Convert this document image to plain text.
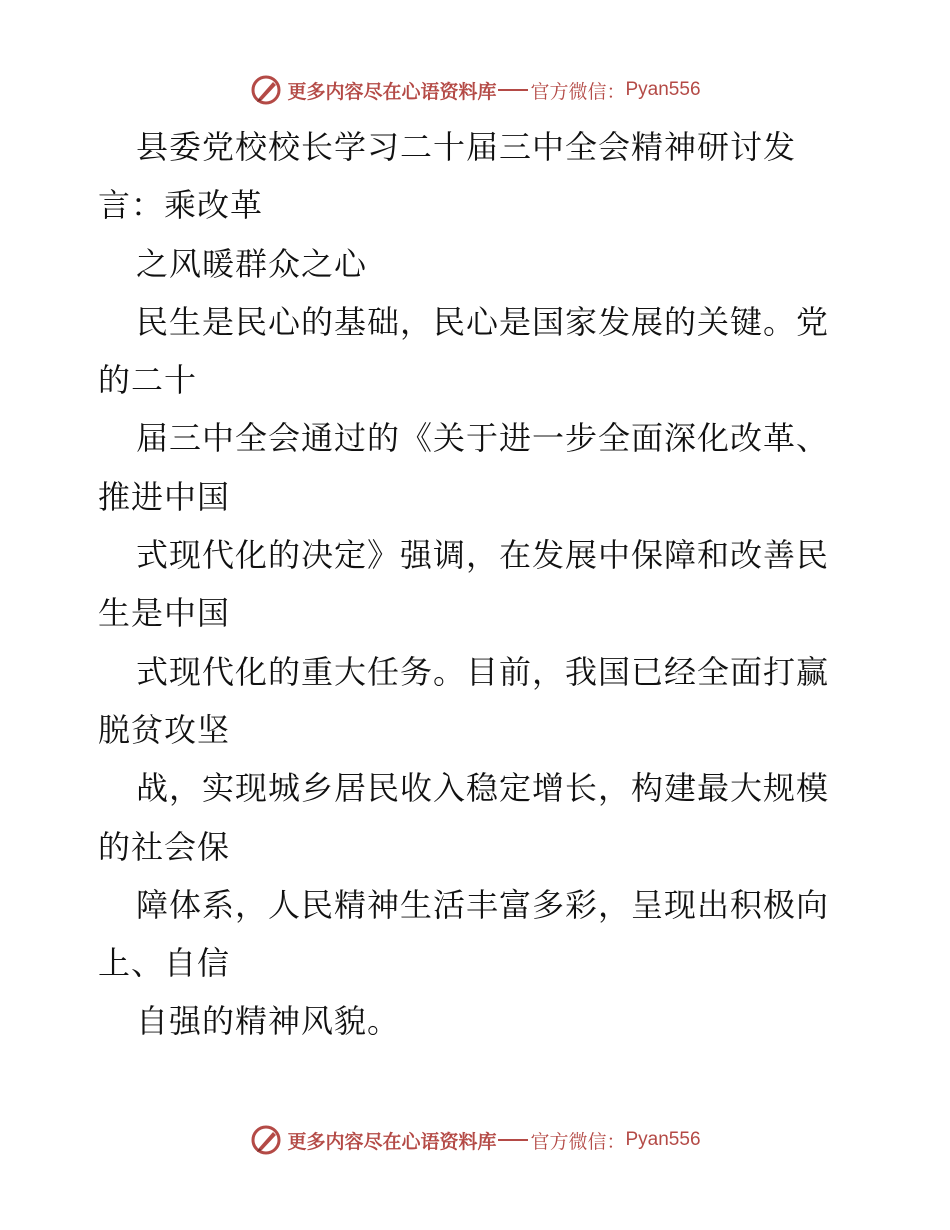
更多内容尽在心语资料库 官方微信： Pyan556
县委党校校长学习二十届三中全会精神研讨发
言：乘改革
之风暖群众之心
民生是民心的基础，民心是国家发展的关键。党
的二十
届三中全会通过的《关于进一步全面深化改革、
推进中国
式现代化的决定》强调，在发展中保障和改善民
生是中国
式现代化的重大任务。目前，我国已经全面打赢
脱贫攻坚
战，实现城乡居民收入稳定增长，构建最大规模
的社会保
障体系，人民精神生活丰富多彩，呈现出积极向
上、自信
自强的精神风貌。
更多内容尽在心语资料库 官方微信： Pyan556
